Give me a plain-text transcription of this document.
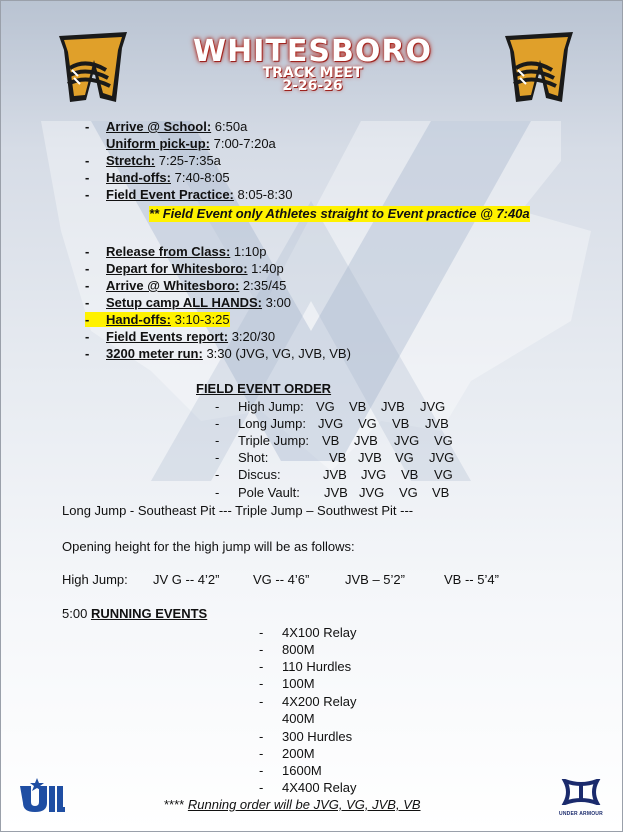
WHITESBORO
TRACK MEET
2-26-26
- Arrive @ School: 6:50a
Uniform pick-up: 7:00-7:20a
- Stretch: 7:25-7:35a
- Hand-offs: 7:40-8:05
- Field Event Practice: 8:05-8:30
** Field Event only Athletes straight to Event practice @ 7:40a
- Release from Class: 1:10p
- Depart for Whitesboro: 1:40p
- Arrive @ Whitesboro: 2:35/45
- Setup camp ALL HANDS: 3:00
- Hand-offs: 3:10-3:25
- Field Events report: 3:20/30
- 3200 meter run: 3:30 (JVG, VG, JVB, VB)
FIELD EVENT ORDER
- High Jump: VG VB JVB JVG
- Long Jump: JVG VG VB JVB
- Triple Jump: VB JVB JVG VG
- Shot:	VB JVB VG JVG
- Discus:	JVB JVG VB VG
- Pole Vault: JVB JVG VG VB
Long Jump - Southeast Pit --- Triple Jump – Southwest Pit ---
Opening height for the high jump will be as follows:
High Jump: JV G -- 4’2”	VG -- 4’6”	JVB – 5’2”	VB -- 5’4”
5:00 RUNNING EVENTS
- 4X100 Relay
- 800M
- 110 Hurdles
- 100M
- 4X200 Relay
400M
- 300 Hurdles
- 200M
- 1600M
- 4X400 Relay
**** Running order will be JVG, VG, JVB, VB
UNDER ARMOUR
